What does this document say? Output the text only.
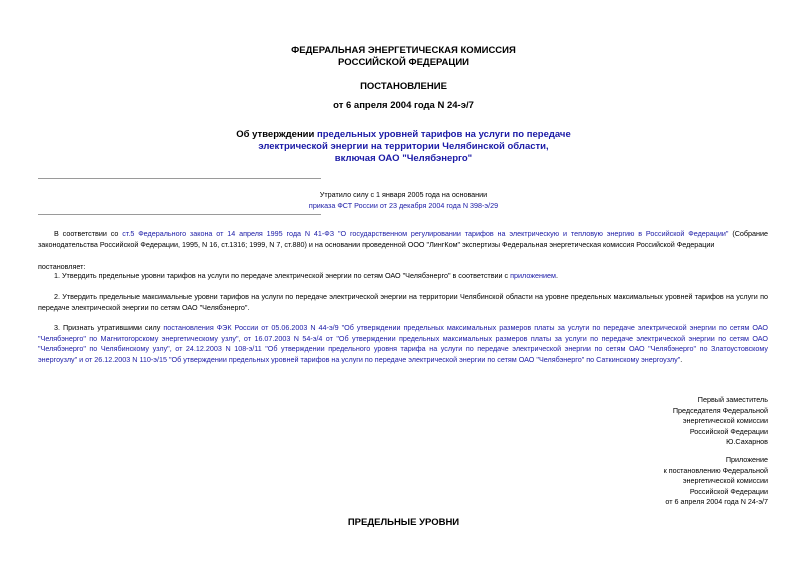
ФЕДЕРАЛЬНАЯ ЭНЕРГЕТИЧЕСКАЯ КОМИССИЯ
РОССИЙСКОЙ ФЕДЕРАЦИИ
ПОСТАНОВЛЕНИЕ
от 6 апреля 2004 года N 24-э/7
Об утверждении предельных уровней тарифов на услуги по передаче
электрической энергии на территории Челябинской области,
включая ОАО "Челябэнерго"
Утратило силу с 1 января 2005 года на основании
приказа ФСТ России от 23 декабря 2004 года N 398-э/29
В соответствии со ст.5 Федерального закона от 14 апреля 1995 года N 41-ФЗ "О государственном регулировании тарифов на электрическую и тепловую энергию в Российской Федерации" (Собрание законодательства Российской Федерации, 1995, N 16, ст.1316; 1999, N 7, ст.880) и на основании проведенной ООО "ЛингКом" экспертизы Федеральная энергетическая комиссия Российской Федерации
постановляет:
1. Утвердить предельные уровни тарифов на услуги по передаче электрической энергии по сетям ОАО "Челябэнерго" в соответствии с приложением.
2. Утвердить предельные максимальные уровни тарифов на услуги по передаче электрической энергии на территории Челябинской области на уровне предельных максимальных уровней тарифов на услуги по передаче электрической энергии по сетям ОАО "Челябэнерго".
3. Признать утратившими силу постановления ФЭК России от 05.06.2003 N 44-э/9 "Об утверждении предельных максимальных размеров платы за услуги по передаче электрической энергии по сетям ОАО "Челябэнерго" по Магнитогорскому энергетическому узлу", от 16.07.2003 N 54-э/4 от "Об утверждении предельных максимальных размеров платы за услуги по передаче электрической энергии по сетям ОАО "Челябэнерго" по Челябинскому узлу", от 24.12.2003 N 108-э/11 "Об утверждении предельного уровня тарифа на услуги по передаче электрической энергии по сетям ОАО "Челябэнерго" по Златоустовскому энергоузлу" и от 26.12.2003 N 110-э/15 "Об утверждении предельных уровней тарифов на услуги по передаче электрической энергии по сетям ОАО "Челябэнерго" по Саткинскому энергоузлу".
Первый заместитель
Председателя Федеральной
энергетической комиссии
Российской Федерации
Ю.Сахарнов
Приложение
к постановлению Федеральной
энергетической комиссии
Российской Федерации
от 6 апреля 2004 года N 24-э/7
ПРЕДЕЛЬНЫЕ УРОВНИ
